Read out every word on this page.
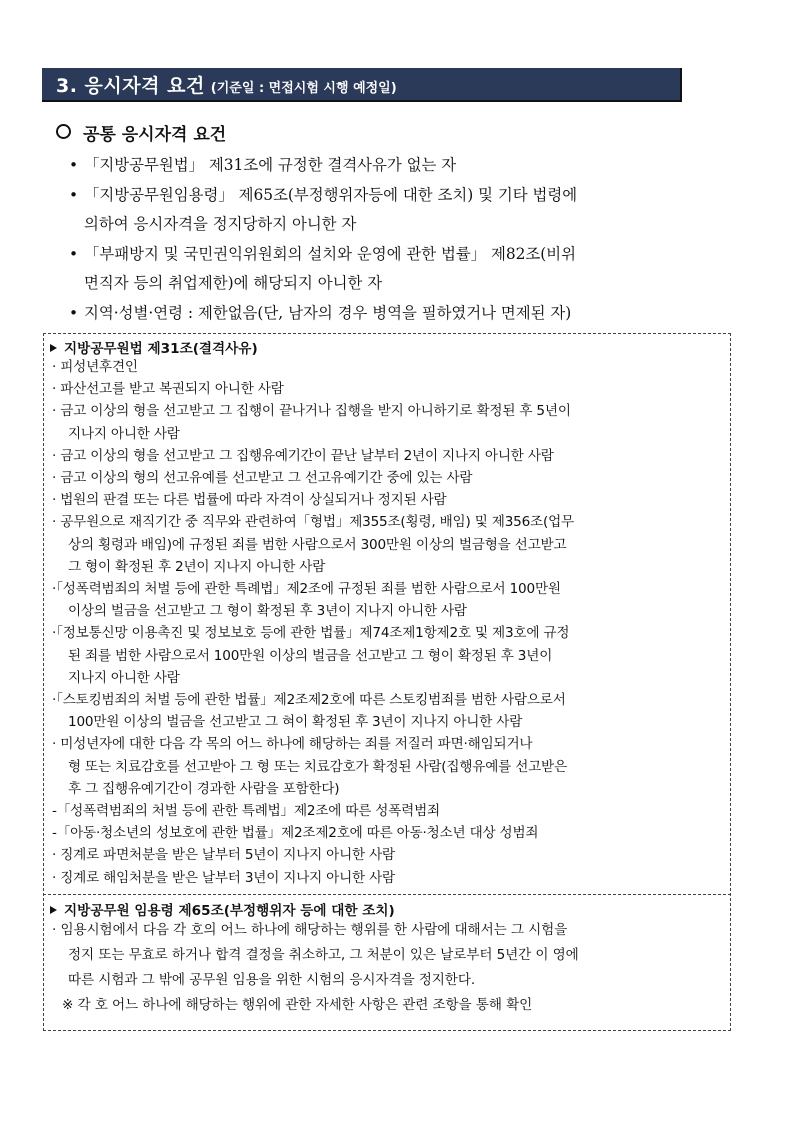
3. 응시자격 요건 (기준일 : 면접시험 시행 예정일)
공통 응시자격 요건
• 「지방공무원법」 제31조에 규정한 결격사유가 없는 자
• 「지방공무원임용령」 제65조(부정행위자등에 대한 조치) 및 기타 법령에
의하여 응시자격을 정지당하지 아니한 자
• 「부패방지 및 국민권익위원회의 설치와 운영에 관한 법률」 제82조(비위
면직자 등의 취업제한)에 해당되지 아니한 자
• 지역·성별·연령 : 제한없음(단, 남자의 경우 병역을 필하였거나 면제된 자)
지방공무원법 제31조(결격사유)
· 피성년후견인
· 파산선고를 받고 복권되지 아니한 사람
· 금고 이상의 형을 선고받고 그 집행이 끝나거나 집행을 받지 아니하기로 확정된 후 5년이
지나지 아니한 사람
· 금고 이상의 형을 선고받고 그 집행유예기간이 끝난 날부터 2년이 지나지 아니한 사람
· 금고 이상의 형의 선고유예를 선고받고 그 선고유예기간 중에 있는 사람
· 법원의 판결 또는 다른 법률에 따라 자격이 상실되거나 정지된 사람
· 공무원으로 재직기간 중 직무와 관련하여「형법」제355조(횡령, 배임) 및 제356조(업무
상의 횡령과 배임)에 규정된 죄를 범한 사람으로서 300만원 이상의 벌금형을 선고받고
그 형이 확정된 후 2년이 지나지 아니한 사람
·「성폭력범죄의 처벌 등에 관한 특례법」제2조에 규정된 죄를 범한 사람으로서 100만원
이상의 벌금을 선고받고 그 형이 확정된 후 3년이 지나지 아니한 사람
·「정보통신망 이용촉진 및 정보보호 등에 관한 법률」제74조제1항제2호 및 제3호에 규정
된 죄를 범한 사람으로서 100만원 이상의 벌금을 선고받고 그 형이 확정된 후 3년이
지나지 아니한 사람
·「스토킹범죄의 처벌 등에 관한 법률」제2조제2호에 따른 스토킹범죄를 범한 사람으로서
100만원 이상의 벌금을 선고받고 그 혀이 확정된 후 3년이 지나지 아니한 사람
· 미성년자에 대한 다음 각 목의 어느 하나에 해당하는 죄를 저질러 파면·해임되거나
형 또는 치료감호를 선고받아 그 형 또는 치료감호가 확정된 사람(집행유예를 선고받은
후 그 집행유예기간이 경과한 사람을 포함한다)
-「성폭력범죄의 처벌 등에 관한 특례법」제2조에 따른 성폭력범죄
-「아동·청소년의 성보호에 관한 법률」제2조제2호에 따른 아동·청소년 대상 성범죄
· 징계로 파면처분을 받은 날부터 5년이 지나지 아니한 사람
· 징계로 해임처분을 받은 날부터 3년이 지나지 아니한 사람
지방공무원 임용령 제65조(부정행위자 등에 대한 조치)
· 임용시험에서 다음 각 호의 어느 하나에 해당하는 행위를 한 사람에 대해서는 그 시험을
정지 또는 무효로 하거나 합격 결정을 취소하고, 그 처분이 있은 날로부터 5년간 이 영에
따른 시험과 그 밖에 공무원 임용을 위한 시험의 응시자격을 정지한다.
※ 각 호 어느 하나에 해당하는 행위에 관한 자세한 사항은 관련 조항을 통해 확인
